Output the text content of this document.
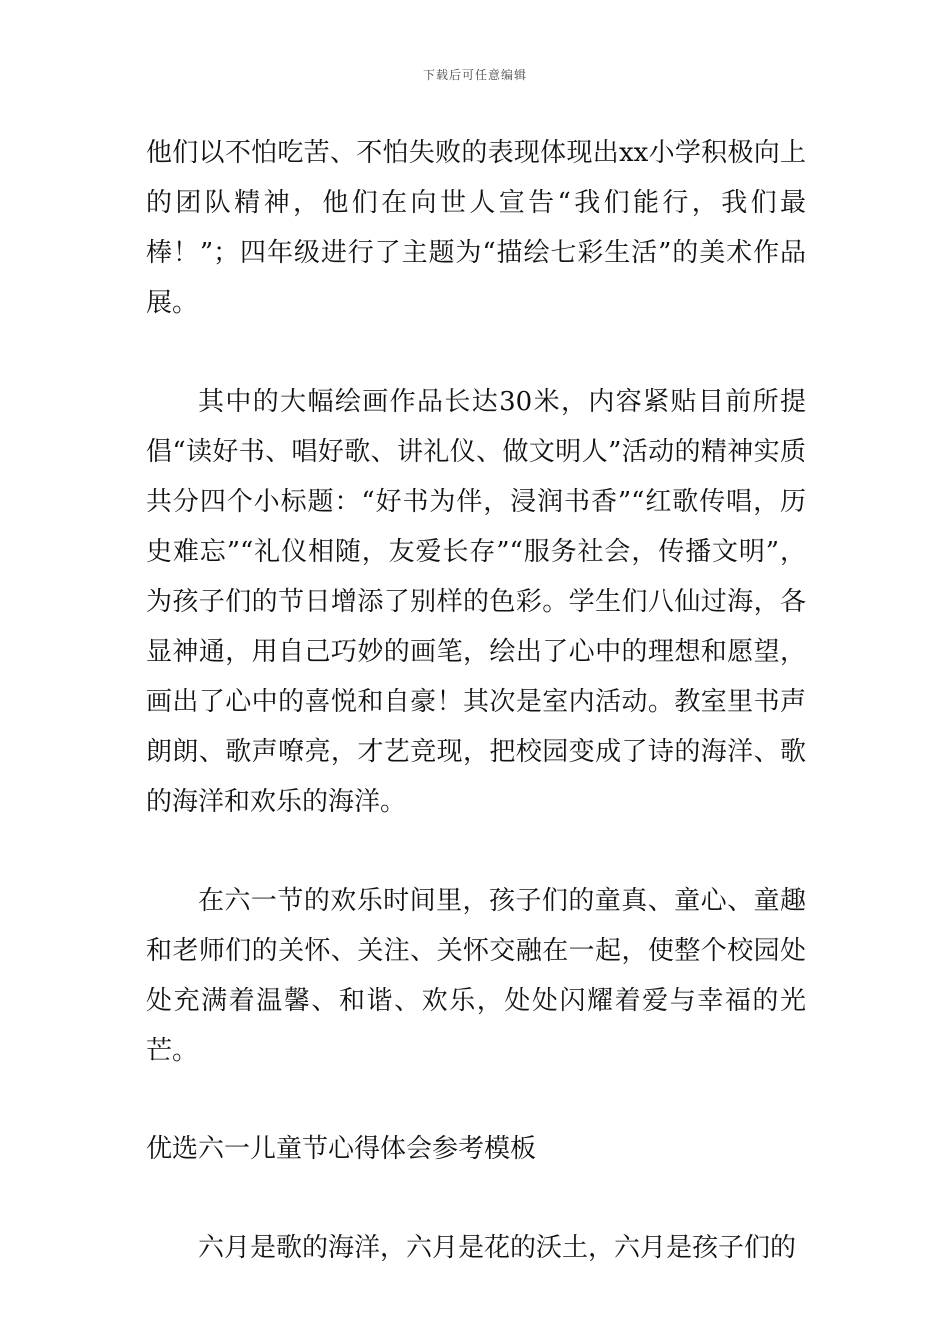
下载后可任意编辑

他们以不怕吃苦、不怕失败的表现体现出xx小学积极向上的团队精神，他们在向世人宣告“我们能行，我们最棒！”；四年级进行了主题为“描绘七彩生活”的美术作品展。

其中的大幅绘画作品长达30米，内容紧贴目前所提倡“读好书、唱好歌、讲礼仪、做文明人”活动的精神实质共分四个小标题：“好书为伴，浸润书香”“红歌传唱，历史难忘”“礼仪相随，友爱长存”“服务社会，传播文明”，为孩子们的节日增添了别样的色彩。学生们八仙过海，各显神通，用自己巧妙的画笔，绘出了心中的理想和愿望，画出了心中的喜悦和自豪！其次是室内活动。教室里书声朗朗、歌声嘹亮，才艺竞现，把校园变成了诗的海洋、歌的海洋和欢乐的海洋。

在六一节的欢乐时间里，孩子们的童真、童心、童趣和老师们的关怀、关注、关怀交融在一起，使整个校园处处充满着温馨、和谐、欢乐，处处闪耀着爱与幸福的光芒。

优选六一儿童节心得体会参考模板

六月是歌的海洋，六月是花的沃土，六月是孩子们的
